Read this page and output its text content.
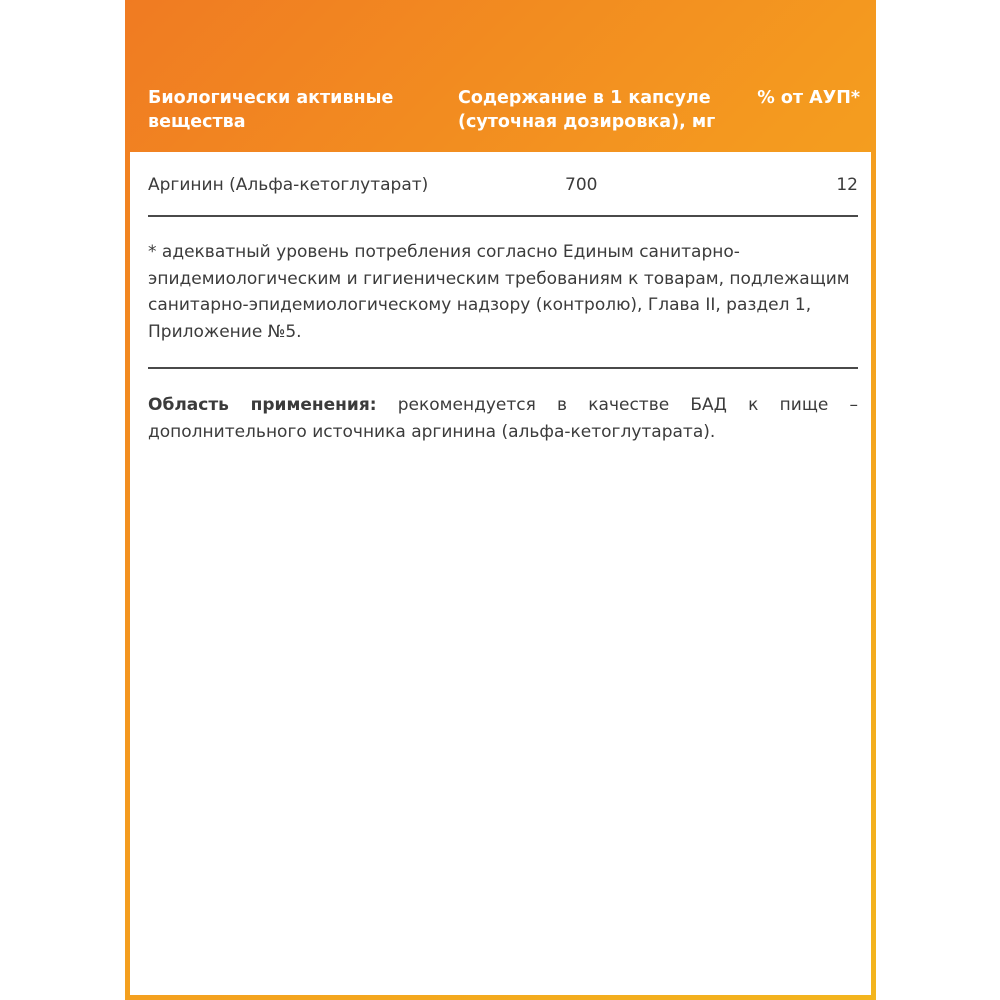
Биологически активные вещества
Содержание в 1 капсуле (суточная дозировка), мг
% от АУП*
Аргинин (Альфа-кетоглутарат)	700	12
* адекватный уровень потребления согласно Единым санитарно-эпидемиологическим и гигиеническим требованиям к товарам, подлежащим санитарно-эпидемиологическому надзору (контролю), Глава II, раздел 1, Приложение №5.
Область применения: рекомендуется в качестве БАД к пище – дополнительного источника аргинина (альфа-кетоглутарата).
